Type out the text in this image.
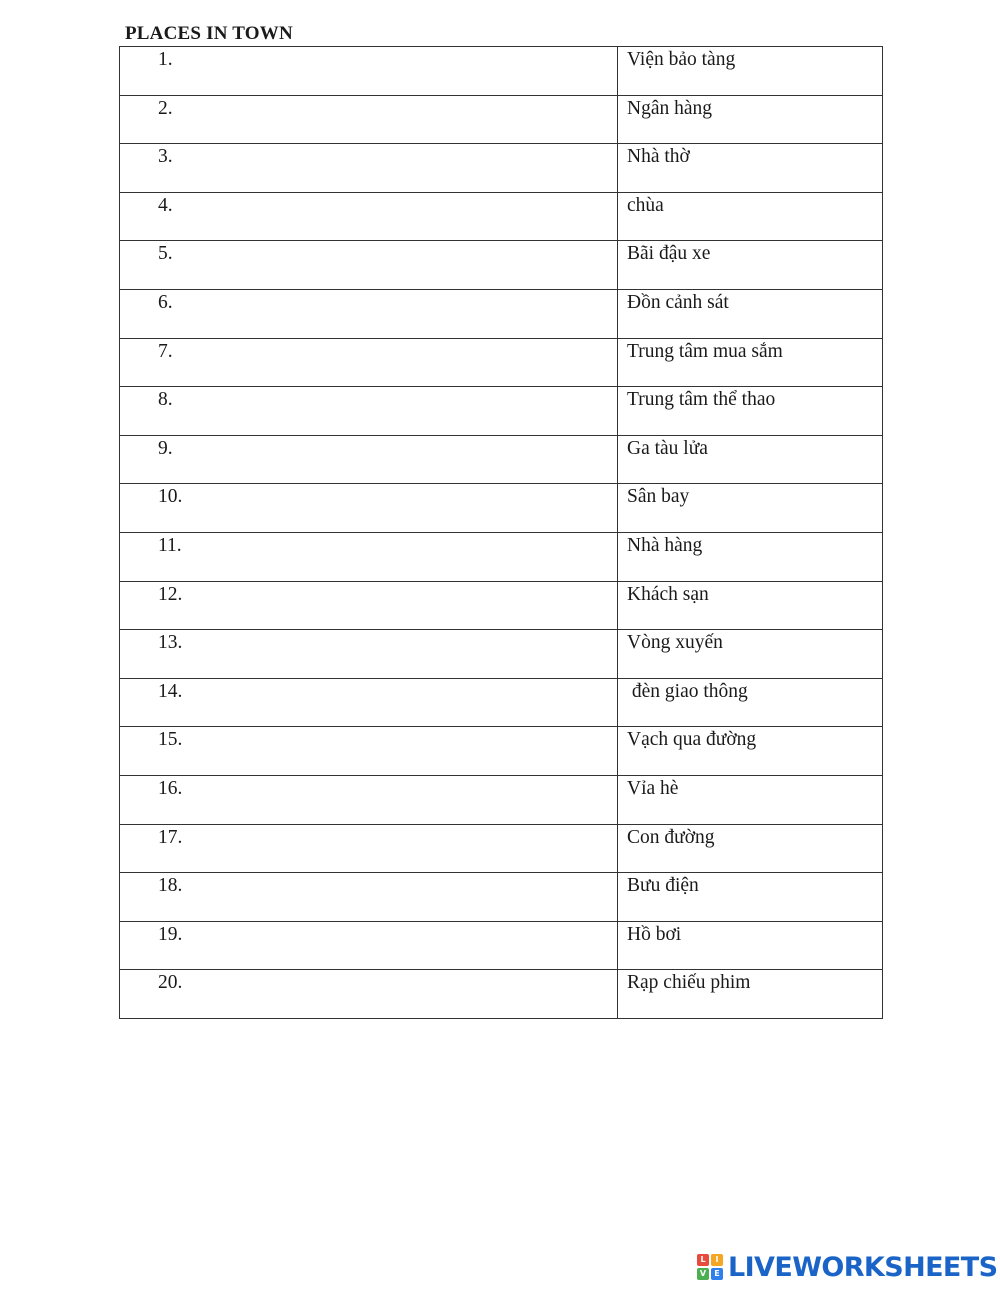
PLACES IN TOWN
1.	Viện bảo tàng
2.	Ngân hàng
3.	Nhà thờ
4.	chùa
5.	Bãi đậu xe
6.	Đồn cảnh sát
7.	Trung tâm mua sắm
8.	Trung tâm thể thao
9.	Ga tàu lửa
10.	Sân bay
11.	Nhà hàng
12.	Khách sạn
13.	Vòng xuyến
14.	đèn giao thông
15.	Vạch qua đường
16.	Vỉa hè
17.	Con đường
18.	Bưu điện
19.	Hồ bơi
20.	Rạp chiếu phim
L	I
V	E LIVEWORKSHEETS
